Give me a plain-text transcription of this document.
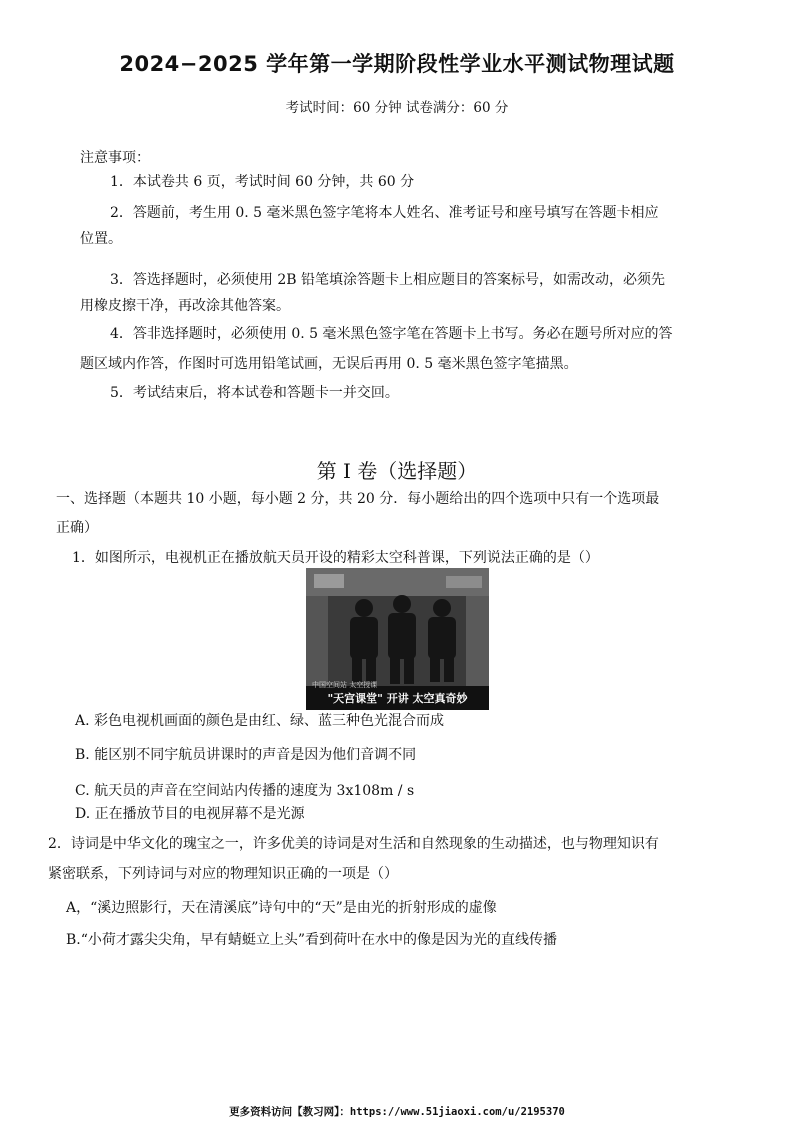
2024−2025 学年第一学期阶段性学业水平测试物理试题
考试时间：60 分钟 试卷满分：60 分
注意事项：
1．本试卷共 6 页，考试时间 60 分钟，共 60 分
2．答题前，考生用 0. 5 毫米黑色签字笔将本人姓名、准考证号和座号填写在答题卡相应
位置。
3．答选择题时，必须使用 2B 铅笔填涂答题卡上相应题目的答案标号，如需改动，必须先
用橡皮擦干净，再改涂其他答案。
4．答非选择题时，必须使用 0. 5 毫米黑色签字笔在答题卡上书写。务必在题号所对应的答
题区域内作答，作图时可选用铅笔试画，无误后再用 0. 5 毫米黑色签字笔描黑。
5．考试结束后，将本试卷和答题卡一并交回。
第 I 卷（选择题）
一、选择题（本题共 10 小题，每小题 2 分，共 20 分．每小题给出的四个选项中只有一个选项最
正确）
1．如图所示，电视机正在播放航天员开设的精彩太空科普课，下列说法正确的是（）
中国空间站 太空授课
"天宫课堂" 开讲 太空真奇妙
A. 彩色电视机画面的颜色是由红、绿、蓝三种色光混合而成
B. 能区别不同宇航员讲课时的声音是因为他们音调不同
C. 航天员的声音在空间站内传播的速度为 3x108m / s
D. 正在播放节目的电视屏幕不是光源
2．诗词是中华文化的瑰宝之一，许多优美的诗词是对生活和自然现象的生动描述，也与物理知识有
紧密联系，下列诗词与对应的物理知识正确的一项是（）
A，“溪边照影行，天在清溪底”诗句中的“天”是由光的折射形成的虚像
B.“小荷才露尖尖角，早有蜻蜓立上头”看到荷叶在水中的像是因为光的直线传播
更多资料访问【教习网】：https://www.51jiaoxi.com/u/2195370
